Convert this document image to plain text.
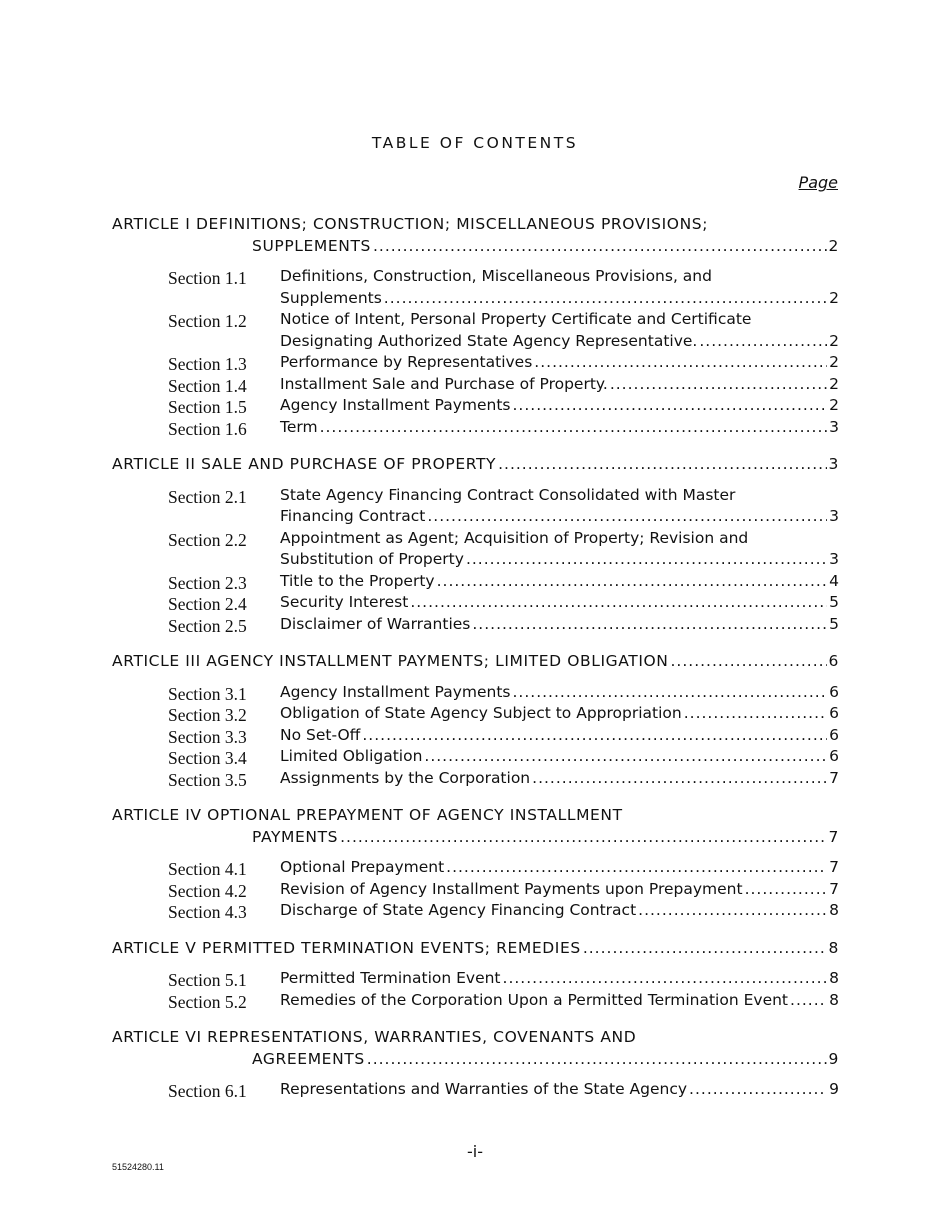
TABLE OF CONTENTS
Page
ARTICLE I DEFINITIONS; CONSTRUCTION; MISCELLANEOUS PROVISIONS;
SUPPLEMENTS .....	2
Section 1.1	Definitions, Construction, Miscellaneous Provisions, and
Supplements .....	2
Section 1.2	Notice of Intent, Personal Property Certificate and Certificate
Designating Authorized State Agency Representative. .....	2
Section 1.3	Performance by Representatives .....	2
Section 1.4	Installment Sale and Purchase of Property. .....	2
Section 1.5	Agency Installment Payments .....	2
Section 1.6	Term .....	3
ARTICLE II SALE AND PURCHASE OF PROPERTY .....	3
Section 2.1	State Agency Financing Contract Consolidated with Master
Financing Contract .....	3
Section 2.2	Appointment as Agent; Acquisition of Property; Revision and
Substitution of Property .....	3
Section 2.3	Title to the Property .....	4
Section 2.4	Security Interest .....	5
Section 2.5	Disclaimer of Warranties .....	5
ARTICLE III AGENCY INSTALLMENT PAYMENTS; LIMITED OBLIGATION .....	6
Section 3.1	Agency Installment Payments .....	6
Section 3.2	Obligation of State Agency Subject to Appropriation .....	6
Section 3.3	No Set-Off .....	6
Section 3.4	Limited Obligation .....	6
Section 3.5	Assignments by the Corporation .....	7
ARTICLE IV OPTIONAL PREPAYMENT OF AGENCY INSTALLMENT
PAYMENTS .....	7
Section 4.1	Optional Prepayment .....	7
Section 4.2	Revision of Agency Installment Payments upon Prepayment .....	7
Section 4.3	Discharge of State Agency Financing Contract .....	8
ARTICLE V PERMITTED TERMINATION EVENTS; REMEDIES .....	8
Section 5.1	Permitted Termination Event .....	8
Section 5.2	Remedies of the Corporation Upon a Permitted Termination Event .....	8
ARTICLE VI REPRESENTATIONS, WARRANTIES, COVENANTS AND
AGREEMENTS .....	9
Section 6.1	Representations and Warranties of the State Agency .....	9
-i-
51524280.11
